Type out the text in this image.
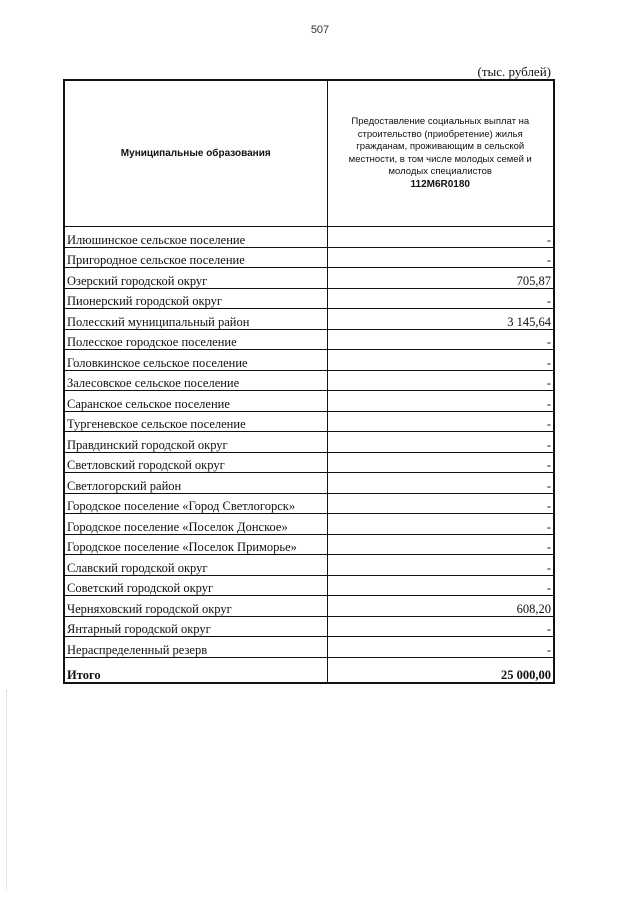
507
(тыс. рублей)
Муниципальные образования	Предоставление социальных выплат на строительство (приобретение) жилья гражданам, проживающим в сельской местности, в том числе молодых семей и молодых специалистов
112M6R0180

Илюшинское сельское поселение	-
Пригородное сельское поселение	-
Озерский городской округ	705,87
Пионерский городской округ	-
Полесский муниципальный район	3 145,64
Полесское городское поселение	-
Головкинское сельское поселение	-
Залесовское сельское поселение	-
Саранское сельское поселение	-
Тургеневское сельское поселение	-
Правдинский городской округ	-
Светловский городской округ	-
Светлогорский район	-
Городское поселение «Город Светлогорск»	-
Городское поселение «Поселок Донское»	-
Городское поселение «Поселок Приморье»	-
Славский городской округ	-
Советский городской округ	-
Черняховский городской округ	608,20
Янтарный городской округ	-
Нераспределенный резерв	-
Итого	25 000,00
